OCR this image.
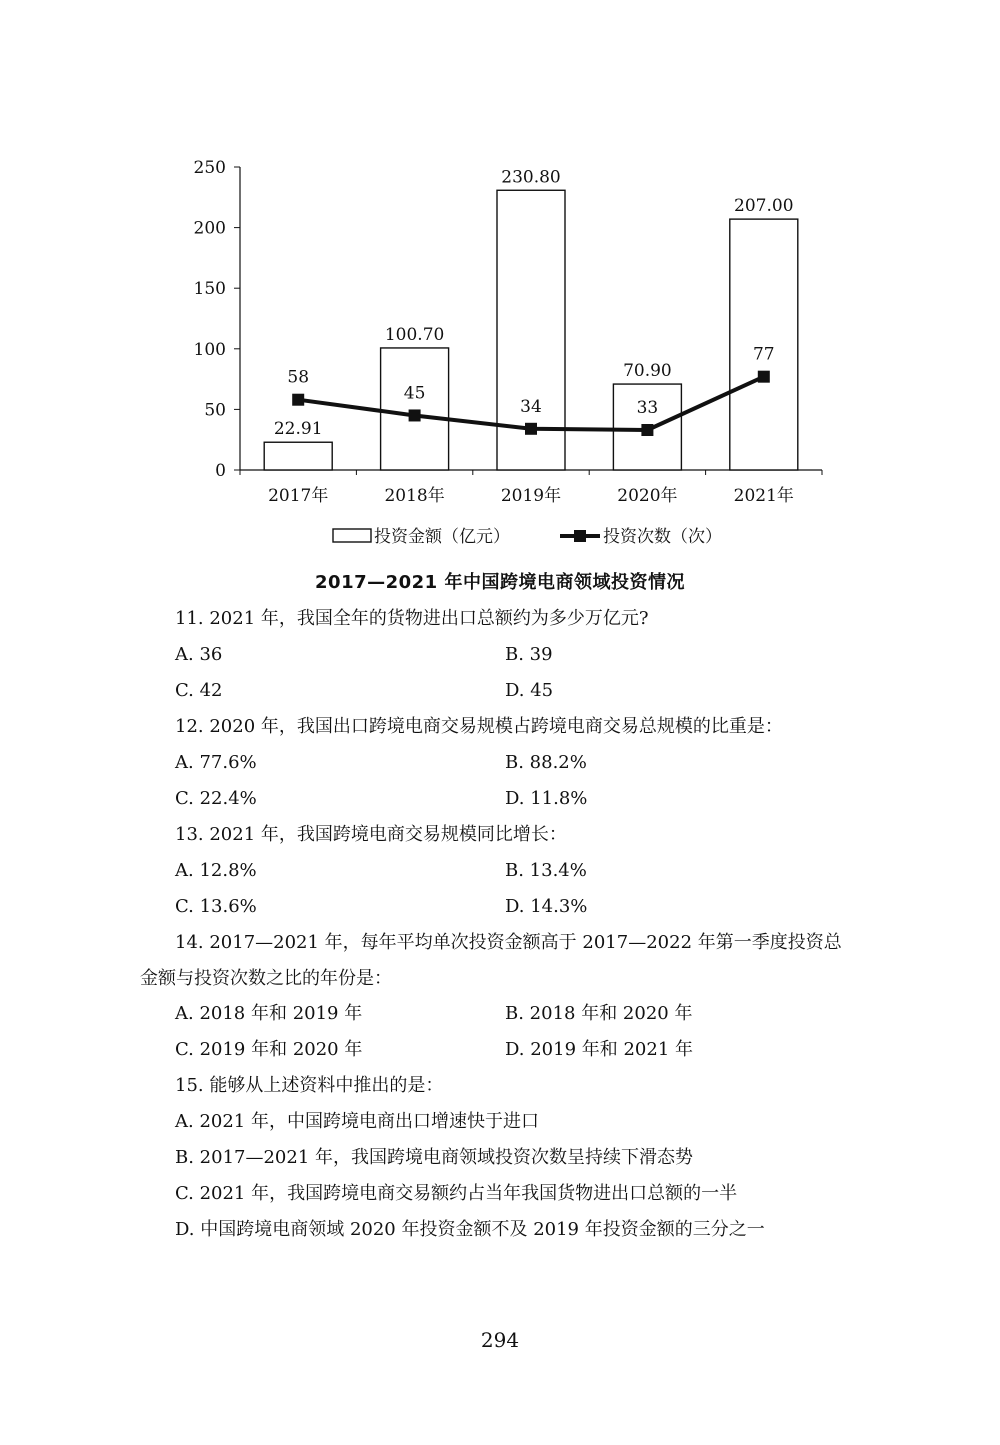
0
50
100
150
200
250
2017年	2018年	2019年	2020年	2021年
22.91
100.70
230.80
70.90
207.00
58
45
34	33
77
投资金额（亿元）	投资次数（次）
2017—2021 年中国跨境电商领域投资情况
11. 2021 年，我国全年的货物进出口总额约为多少万亿元?
A. 36	B. 39
C. 42	D. 45
12. 2020 年，我国出口跨境电商交易规模占跨境电商交易总规模的比重是：
A. 77.6%	B. 88.2%
C. 22.4%	D. 11.8%
13. 2021 年，我国跨境电商交易规模同比增长：
A. 12.8%	B. 13.4%
C. 13.6%	D. 14.3%
14. 2017—2021 年，每年平均单次投资金额高于 2017—2022 年第一季度投资总
金额与投资次数之比的年份是：
A. 2018 年和 2019 年	B. 2018 年和 2020 年
C. 2019 年和 2020 年	D. 2019 年和 2021 年
15. 能够从上述资料中推出的是：
A. 2021 年，中国跨境电商出口增速快于进口
B. 2017—2021 年，我国跨境电商领域投资次数呈持续下滑态势
C. 2021 年，我国跨境电商交易额约占当年我国货物进出口总额的一半
D. 中国跨境电商领域 2020 年投资金额不及 2019 年投资金额的三分之一
294
